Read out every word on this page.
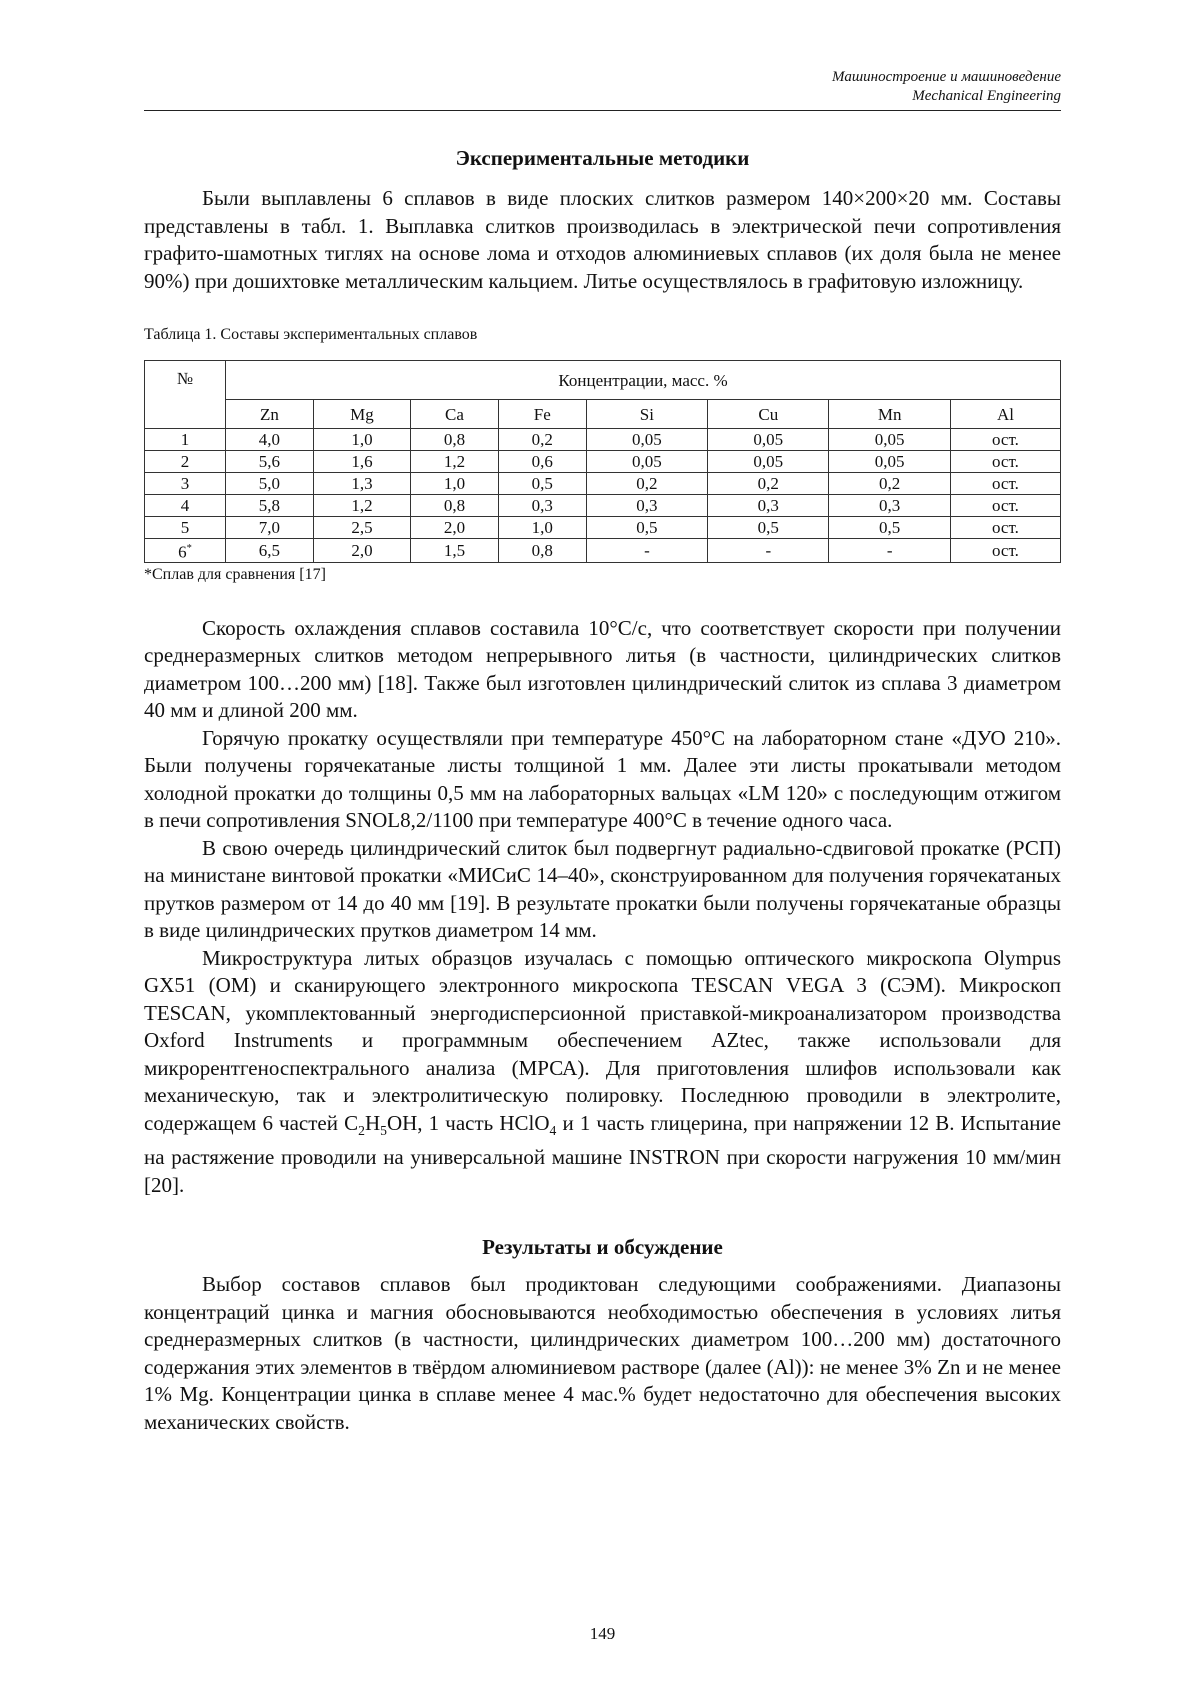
Машиностроение и машиноведение
Mechanical Engineering
Экспериментальные методики

Были выплавлены 6 сплавов в виде плоских слитков размером 140×200×20 мм. Составы представлены в табл. 1. Выплавка слитков производилась в электрической печи сопротивления графито-шамотных тиглях на основе лома и отходов алюминиевых сплавов (их доля была не менее 90%) при дошихтовке металлическим кальцием. Литье осуществлялось в графитовую изложницу.

Таблица 1. Составы экспериментальных сплавов
№	Концентрации, масс. %							
	Zn	Mg	Ca	Fe	Si	Cu	Mn	Al
1	4,0	1,0	0,8	0,2	0,05	0,05	0,05	ост.
2	5,6	1,6	1,2	0,6	0,05	0,05	0,05	ост.
3	5,0	1,3	1,0	0,5	0,2	0,2	0,2	ост.
4	5,8	1,2	0,8	0,3	0,3	0,3	0,3	ост.
5	7,0	2,5	2,0	1,0	0,5	0,5	0,5	ост.
6*	6,5	2,0	1,5	0,8	-	-	-	ост.
*Сплав для сравнения [17]

Скорость охлаждения сплавов составила 10°C/c, что соответствует скорости при получении среднеразмерных слитков методом непрерывного литья (в частности, цилиндрических слитков диаметром 100…200 мм) [18]. Также был изготовлен цилиндрический слиток из сплава 3 диаметром 40 мм и длиной 200 мм.

Горячую прокатку осуществляли при температуре 450°C на лабораторном стане «ДУО 210». Были получены горячекатаные листы толщиной 1 мм. Далее эти листы прокатывали методом холодной прокатки до толщины 0,5 мм на лабораторных вальцах «LM 120» с последующим отжигом в печи сопротивления SNOL8,2/1100 при температуре 400°C в течение одного часа.

В свою очередь цилиндрический слиток был подвергнут радиально-сдвиговой прокатке (РСП) на министане винтовой прокатки «МИСиС 14–40», сконструированном для получения горячекатаных прутков размером от 14 до 40 мм [19]. В результате прокатки были получены горячекатаные образцы в виде цилиндрических прутков диаметром 14 мм.

Микроструктура литых образцов изучалась с помощью оптического микроскопа Olympus GX51 (ОМ) и сканирующего электронного микроскопа TESCAN VEGA 3 (СЭМ). Микроскоп TESCAN, укомплектованный энергодисперсионной приставкой-микроанализатором производства Oxford Instruments и программным обеспечением AZtec, также использовали для микрорентгеноспектрального анализа (МРСА). Для приготовления шлифов использовали как механическую, так и электролитическую полировку. Последнюю проводили в электролите, содержащем 6 частей $C_2H_5OH$, 1 часть HClO$_4$ и 1 часть глицерина, при напряжении 12 В. Испытание на растяжение проводили на универсальной машине INSTRON при скорости нагружения 10 мм/мин [20].

Результаты и обсуждение

Выбор составов сплавов был продиктован следующими соображениями. Диапазоны концентраций цинка и магния обосновываются необходимостью обеспечения в условиях литья среднеразмерных слитков (в частности, цилиндрических диаметром 100…200 мм) достаточного содержания этих элементов в твёрдом алюминиевом растворе (далее (Al)): не менее 3% Zn и не менее 1% Mg. Концентрации цинка в сплаве менее 4 мас.% будет недостаточно для обеспечения высоких механических свойств.

149
